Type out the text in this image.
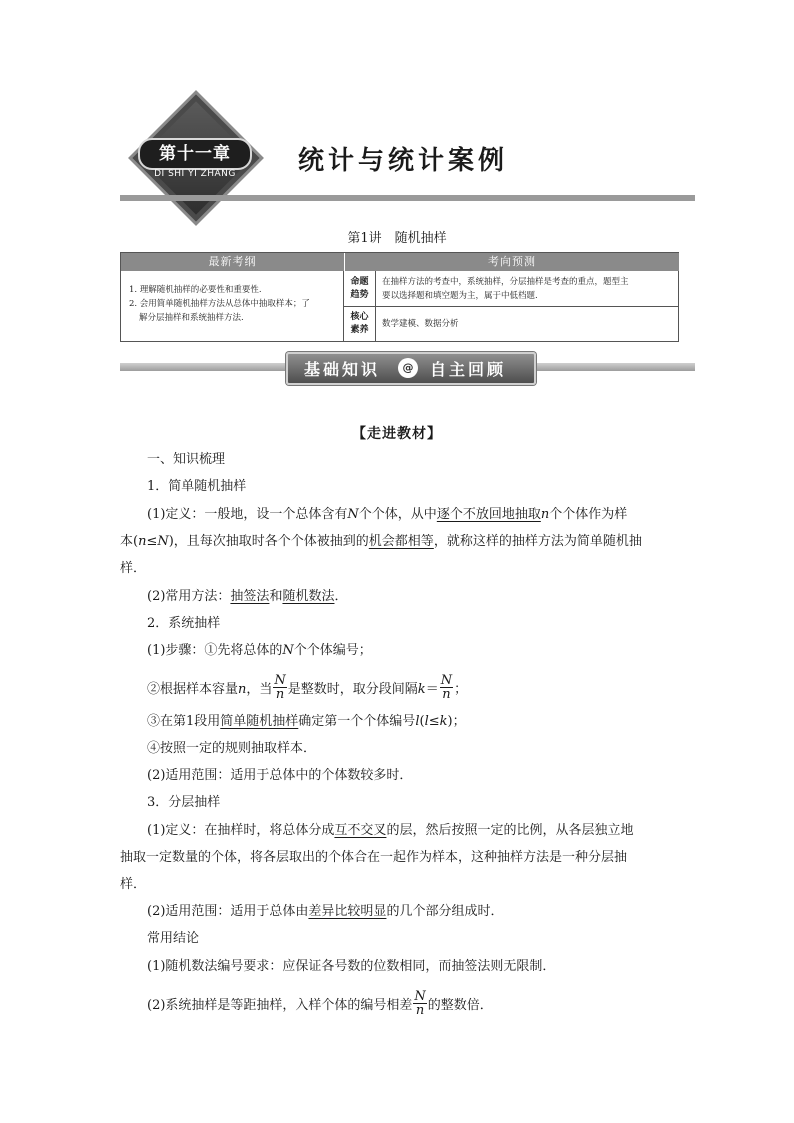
第十一章
DI SHI YI ZHANG 统计与统计案例
第1讲　随机抽样
最新考纲	考向预测
1. 理解随机抽样的必要性和重要性.
2. 会用简单随机抽样方法从总体中抽取样本；了
解分层抽样和系统抽样方法.
命题
趋势
在抽样方法的考查中，系统抽样，分层抽样是考查的重点，题型主
要以选择题和填空题为主，属于中低档题.
核心
素养
数学建模、数据分析
基础知识	@ 自主回顾
【走进教材】
一、知识梳理
1．简单随机抽样
(1)定义：一般地，设一个总体含有N个个体，从中逐个不放回地抽取n个个体作为样
本(n≤N)，且每次抽取时各个个体被抽到的机会都相等，就称这样的抽样方法为简单随机抽
样．
(2)常用方法：抽签法和随机数法．
2．系统抽样
(1)步骤：①先将总体的N个个体编号；
②根据样本容量n，当 $\frac{N}{n}$ 是整数时，取分段间隔$k= \frac{N}{n}$ ；
③在第1段用简单随机抽样确定第一个个体编号l(l≤k)；
④按照一定的规则抽取样本．
(2)适用范围：适用于总体中的个体数较多时．
3．分层抽样
(1)定义：在抽样时，将总体分成互不交叉的层，然后按照一定的比例，从各层独立地
抽取一定数量的个体，将各层取出的个体合在一起作为样本，这种抽样方法是一种分层抽
样．
(2)适用范围：适用于总体由差异比较明显的几个部分组成时．
常用结论
(1)随机数法编号要求：应保证各号数的位数相同，而抽签法则无限制．
(2)系统抽样是等距抽样，入样个体的编号相差 $\frac{N}{n}$ 的整数倍．
